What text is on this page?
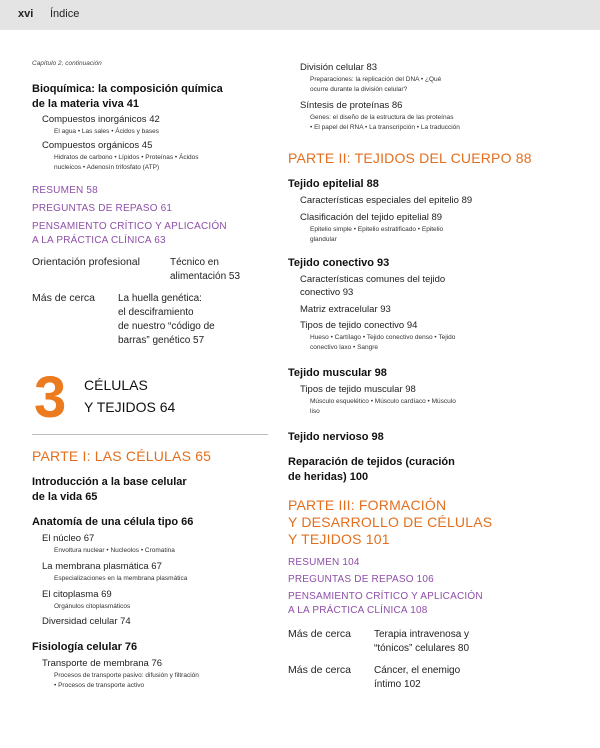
xvi Índice
Capítulo 2, continuación
Bioquímica: la composición química
de la materia viva 41
Compuestos inorgánicos 42
El agua • Las sales • Ácidos y bases
Compuestos orgánicos 45
Hidratos de carbono • Lípidos • Proteínas • Ácidos
nucleicos • Adenosín trifosfato (ATP)
RESUMEN 58
PREGUNTAS DE REPASO 61
PENSAMIENTO CRÍTICO Y APLICACIÓN
A LA PRÁCTICA CLÍNICA 63
Orientación profesional	Técnico en
alimentación 53
Más de cerca La huella genética:
el desciframiento
de nuestro “código de
barras” genético 57
3 CÉLULAS
Y TEJIDOS 64
PARTE I: LAS CÉLULAS 65
Introducción a la base celular
de la vida 65
Anatomía de una célula tipo 66
El núcleo 67
Envoltura nuclear • Nucleolos • Cromatina
La membrana plasmática 67
Especializaciones en la membrana plasmática
El citoplasma 69
Orgánulos citoplasmáticos
Diversidad celular 74
Fisiología celular 76
Transporte de membrana 76
Procesos de transporte pasivo: difusión y filtración
• Procesos de transporte activo
División celular 83
Preparaciones: la replicación del DNA • ¿Qué
ocurre durante la división celular?
Síntesis de proteínas 86
Genes: el diseño de la estructura de las proteínas
• El papel del RNA • La transcripción • La traducción
PARTE II: TEJIDOS DEL CUERPO 88
Tejido epitelial 88
Características especiales del epitelio 89
Clasificación del tejido epitelial 89
Epitelio simple • Epitelio estratificado • Epitelio
glandular
Tejido conectivo 93
Características comunes del tejido
conectivo 93
Matriz extracelular 93
Tipos de tejido conectivo 94
Hueso • Cartílago • Tejido conectivo denso • Tejido
conectivo laxo • Sangre
Tejido muscular 98
Tipos de tejido muscular 98
Músculo esquelético • Músculo cardíaco • Músculo
liso
Tejido nervioso 98
Reparación de tejidos (curación
de heridas) 100
PARTE III: FORMACIÓN
Y DESARROLLO DE CÉLULAS
Y TEJIDOS 101
RESUMEN 104
PREGUNTAS DE REPASO 106
PENSAMIENTO CRÍTICO Y APLICACIÓN
A LA PRÁCTICA CLÍNICA 108
Más de cerca Terapia intravenosa y
“tónicos” celulares 80
Más de cerca Cáncer, el enemigo
íntimo 102
